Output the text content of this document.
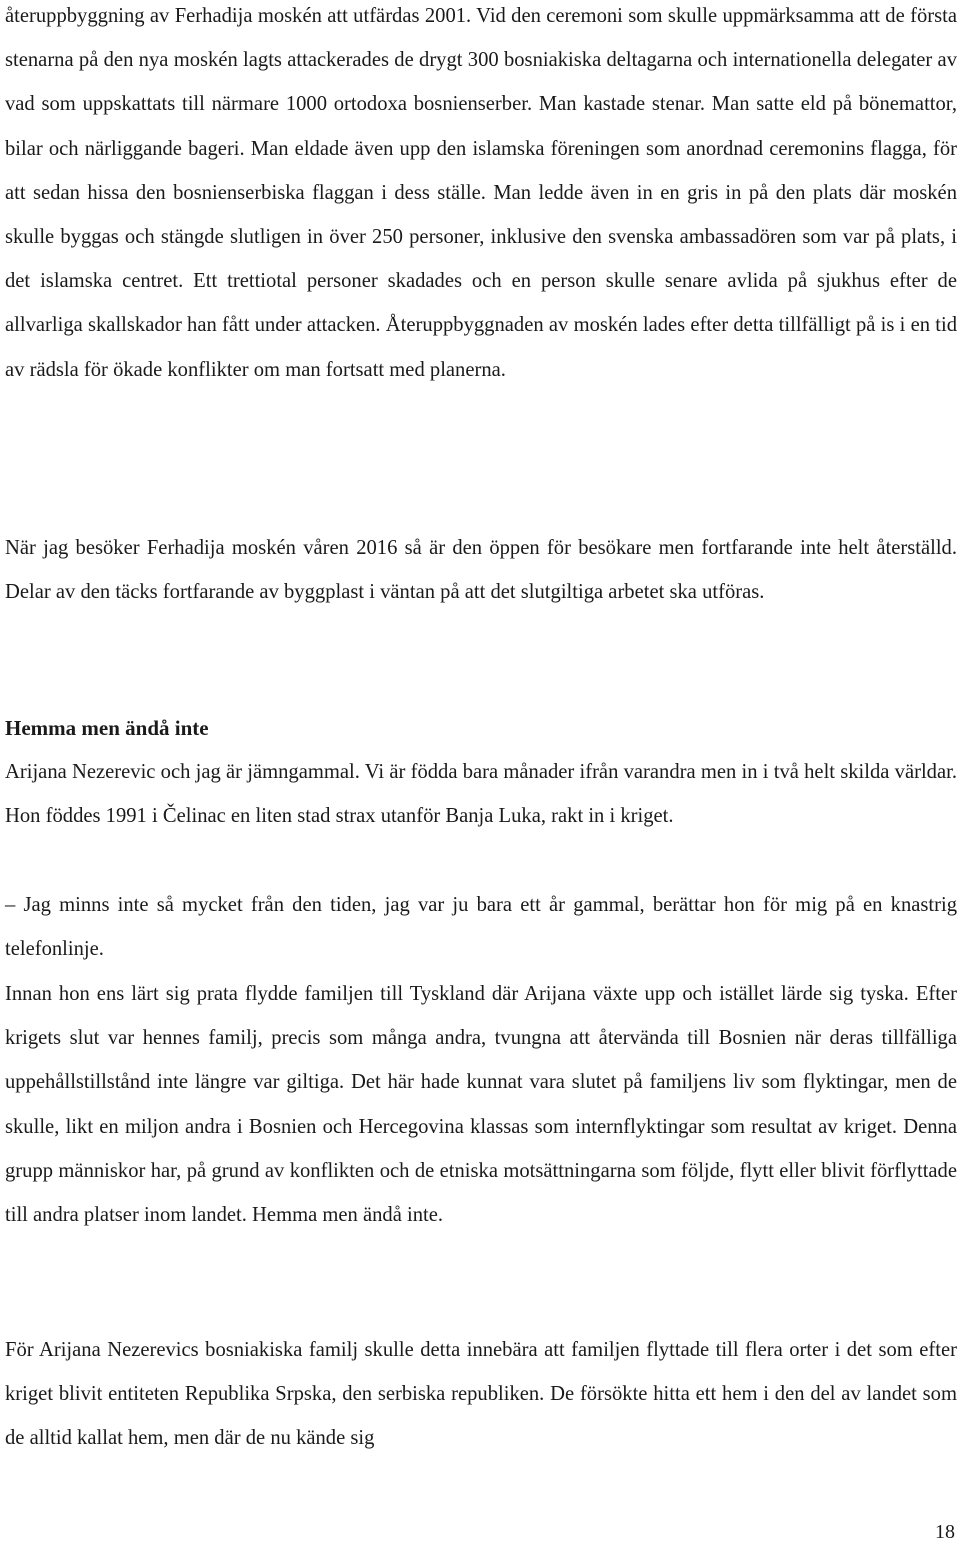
återuppbyggning av Ferhadija moskén att utfärdas 2001. Vid den ceremoni som skulle uppmärksamma att de första stenarna på den nya moskén lagts attackerades de drygt 300 bosniakiska deltagarna och internationella delegater av vad som uppskattats till närmare 1000 ortodoxa bosnienserber. Man kastade stenar. Man satte eld på bönemattor, bilar och närliggande bageri. Man eldade även upp den islamska föreningen som anordnad ceremonins flagga, för att sedan hissa den bosnienserbiska flaggan i dess ställe. Man ledde även in en gris in på den plats där moskén skulle byggas och stängde slutligen in över 250 personer, inklusive den svenska ambassadören som var på plats, i det islamska centret. Ett trettiotal personer skadades och en person skulle senare avlida på sjukhus efter de allvarliga skallskador han fått under attacken. Återuppbyggnaden av moskén lades efter detta tillfälligt på is i en tid av rädsla för ökade konflikter om man fortsatt med planerna.

När jag besöker Ferhadija moskén våren 2016 så är den öppen för besökare men fortfarande inte helt återställd. Delar av den täcks fortfarande av byggplast i väntan på att det slutgiltiga arbetet ska utföras.

Hemma men ändå inte

Arijana Nezerevic och jag är jämngammal. Vi är födda bara månader ifrån varandra men in i två helt skilda världar. Hon föddes 1991 i Čelinac en liten stad strax utanför Banja Luka, rakt in i kriget.

– Jag minns inte så mycket från den tiden, jag var ju bara ett år gammal, berättar hon för mig på en knastrig telefonlinje.

Innan hon ens lärt sig prata flydde familjen till Tyskland där Arijana växte upp och istället lärde sig tyska. Efter krigets slut var hennes familj, precis som många andra, tvungna att återvända till Bosnien när deras tillfälliga uppehållstillstånd inte längre var giltiga. Det här hade kunnat vara slutet på familjens liv som flyktingar, men de skulle, likt en miljon andra i Bosnien och Hercegovina klassas som internflyktingar som resultat av kriget. Denna grupp människor har, på grund av konflikten och de etniska motsättningarna som följde, flytt eller blivit förflyttade till andra platser inom landet. Hemma men ändå inte.

För Arijana Nezerevics bosniakiska familj skulle detta innebära att familjen flyttade till flera orter i det som efter kriget blivit entiteten Republika Srpska, den serbiska republiken. De försökte hitta ett hem i den del av landet som de alltid kallat hem, men där de nu kände sig

18
